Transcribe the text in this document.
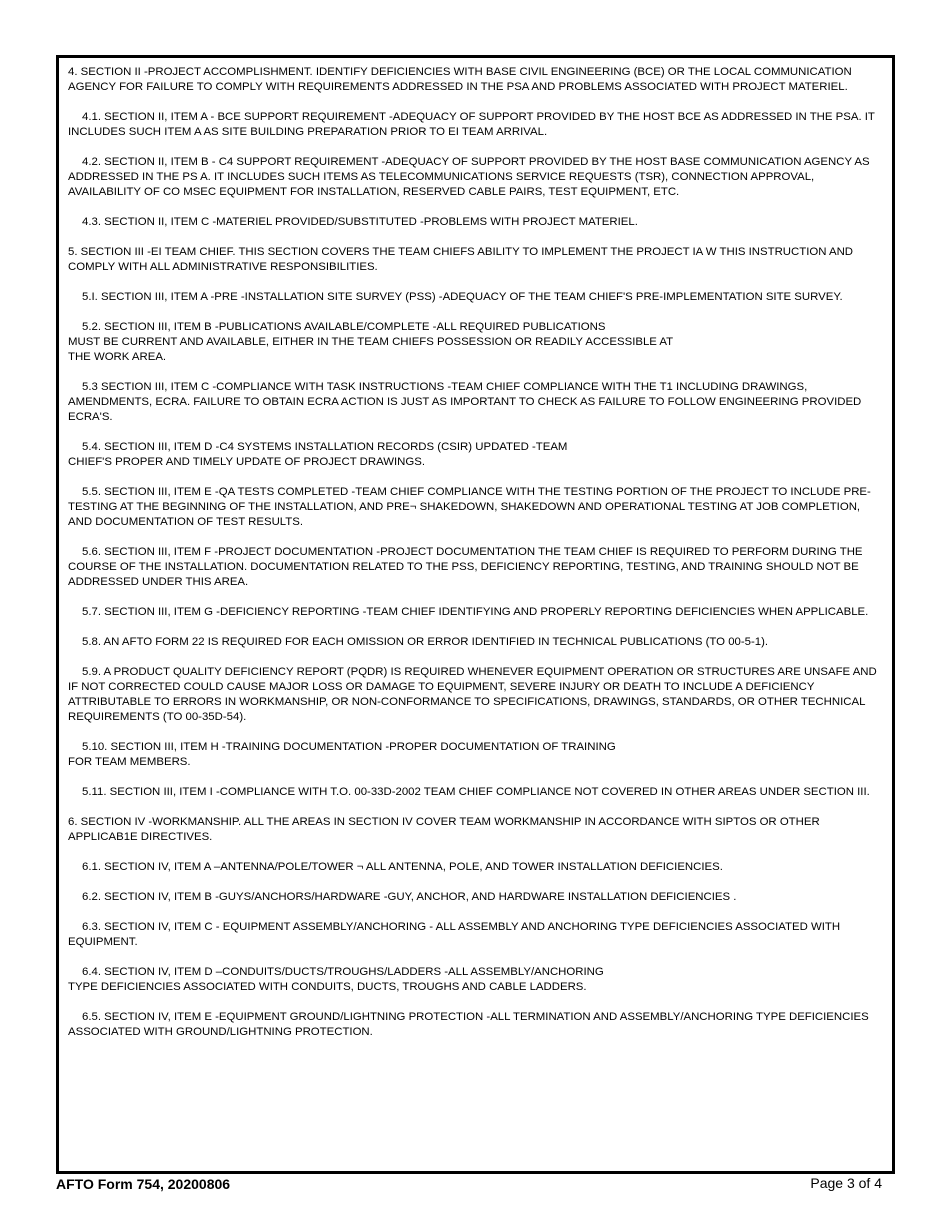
4. SECTION II -PROJECT ACCOMPLISHMENT. IDENTIFY DEFICIENCIES WITH BASE CIVIL ENGINEERING (BCE) OR THE LOCAL COMMUNICATION AGENCY FOR FAILURE TO COMPLY WITH REQUIREMENTS ADDRESSED IN THE PSA AND PROBLEMS ASSOCIATED WITH PROJECT MATERIEL.

4.1. SECTION II, ITEM A - BCE SUPPORT REQUIREMENT -ADEQUACY OF SUPPORT PROVIDED BY THE HOST BCE AS ADDRESSED IN THE PSA. IT INCLUDES SUCH ITEM A AS SITE BUILDING PREPARATION PRIOR TO EI TEAM ARRIVAL.

4.2. SECTION II, ITEM B - C4 SUPPORT REQUIREMENT -ADEQUACY OF SUPPORT PROVIDED BY THE HOST BASE COMMUNICATION AGENCY AS ADDRESSED IN THE PS A. IT INCLUDES SUCH ITEMS AS TELECOMMUNICATIONS SERVICE REQUESTS (TSR), CONNECTION APPROVAL, AVAILABILITY OF CO MSEC EQUIPMENT FOR INSTALLATION, RESERVED CABLE PAIRS, TEST EQUIPMENT, ETC.

4.3. SECTION II, ITEM C -MATERIEL PROVIDED/SUBSTITUTED -PROBLEMS WITH PROJECT MATERIEL.

5. SECTION III -EI TEAM CHIEF. THIS SECTION COVERS THE TEAM CHIEFS ABILITY TO IMPLEMENT THE PROJECT IA W THIS INSTRUCTION AND COMPLY WITH ALL ADMINISTRATIVE RESPONSIBILITIES.

5.I. SECTION III, ITEM A -PRE -INSTALLATION SITE SURVEY (PSS) -ADEQUACY OF THE TEAM CHIEF'S PRE-IMPLEMENTATION SITE SURVEY.

5.2. SECTION III, ITEM B -PUBLICATIONS AVAILABLE/COMPLETE -ALL REQUIRED PUBLICATIONS
MUST BE CURRENT AND AVAILABLE, EITHER IN THE TEAM CHIEFS POSSESSION OR READILY ACCESSIBLE AT
THE WORK AREA.

5.3 SECTION III, ITEM C -COMPLIANCE WITH TASK INSTRUCTIONS -TEAM CHIEF COMPLIANCE WITH THE T1 INCLUDING DRAWINGS, AMENDMENTS, ECRA. FAILURE TO OBTAIN ECRA ACTION IS JUST AS IMPORTANT TO CHECK AS FAILURE TO FOLLOW ENGINEERING PROVIDED ECRA'S.

5.4. SECTION III, ITEM D -C4 SYSTEMS INSTALLATION RECORDS (CSIR) UPDATED -TEAM
CHIEF'S PROPER AND TIMELY UPDATE OF PROJECT DRAWINGS.

5.5. SECTION III, ITEM E -QA TESTS COMPLETED -TEAM CHIEF COMPLIANCE WITH THE TESTING PORTION OF THE PROJECT TO INCLUDE PRE-TESTING AT THE BEGINNING OF THE INSTALLATION, AND PRE¬ SHAKEDOWN, SHAKEDOWN AND OPERATIONAL TESTING AT JOB COMPLETION, AND DOCUMENTATION OF TEST RESULTS.

5.6. SECTION III, ITEM F -PROJECT DOCUMENTATION -PROJECT DOCUMENTATION THE TEAM CHIEF IS REQUIRED TO PERFORM DURING THE COURSE OF THE INSTALLATION. DOCUMENTATION RELATED TO THE PSS, DEFICIENCY REPORTING, TESTING, AND TRAINING SHOULD NOT BE ADDRESSED UNDER THIS AREA.

5.7. SECTION III, ITEM G -DEFICIENCY REPORTING -TEAM CHIEF IDENTIFYING AND PROPERLY REPORTING DEFICIENCIES WHEN APPLICABLE.

5.8. AN AFTO FORM 22 IS REQUIRED FOR EACH OMISSION OR ERROR IDENTIFIED IN TECHNICAL PUBLICATIONS (TO 00-5-1).

5.9. A PRODUCT QUALITY DEFICIENCY REPORT (PQDR) IS REQUIRED WHENEVER EQUIPMENT OPERATION OR STRUCTURES ARE UNSAFE AND IF NOT CORRECTED COULD CAUSE MAJOR LOSS OR DAMAGE TO EQUIPMENT, SEVERE INJURY OR DEATH TO INCLUDE A DEFICIENCY ATTRIBUTABLE TO ERRORS IN WORKMANSHIP, OR NON-CONFORMANCE TO SPECIFICATIONS, DRAWINGS, STANDARDS, OR OTHER TECHNICAL REQUIREMENTS (TO 00-35D-54).

5.10. SECTION III, ITEM H -TRAINING DOCUMENTATION -PROPER DOCUMENTATION OF TRAINING
FOR TEAM MEMBERS.

5.11. SECTION III, ITEM I -COMPLIANCE WITH T.O. 00-33D-2002 TEAM CHIEF COMPLIANCE NOT COVERED IN OTHER AREAS UNDER SECTION III.

6. SECTION IV -WORKMANSHIP. ALL THE AREAS IN SECTION IV COVER TEAM WORKMANSHIP IN ACCORDANCE WITH SIPTOS OR OTHER APPLICAB1E DIRECTIVES.

6.1. SECTION IV, ITEM A –ANTENNA/POLE/TOWER ¬ ALL ANTENNA, POLE, AND TOWER INSTALLATION DEFICIENCIES.

6.2. SECTION IV, ITEM B -GUYS/ANCHORS/HARDWARE -GUY, ANCHOR, AND HARDWARE INSTALLATION DEFICIENCIES .

6.3. SECTION IV, ITEM C - EQUIPMENT ASSEMBLY/ANCHORING - ALL ASSEMBLY AND ANCHORING TYPE DEFICIENCIES ASSOCIATED WITH EQUIPMENT.

6.4. SECTION IV, ITEM D –CONDUITS/DUCTS/TROUGHS/LADDERS -ALL ASSEMBLY/ANCHORING
TYPE DEFICIENCIES ASSOCIATED WITH CONDUITS, DUCTS, TROUGHS AND CABLE LADDERS.

6.5. SECTION IV, ITEM E -EQUIPMENT GROUND/LIGHTNING PROTECTION -ALL TERMINATION AND ASSEMBLY/ANCHORING TYPE DEFICIENCIES ASSOCIATED WITH GROUND/LIGHTNING PROTECTION.

AFTO Form 754, 20200806	Page 3 of 4
